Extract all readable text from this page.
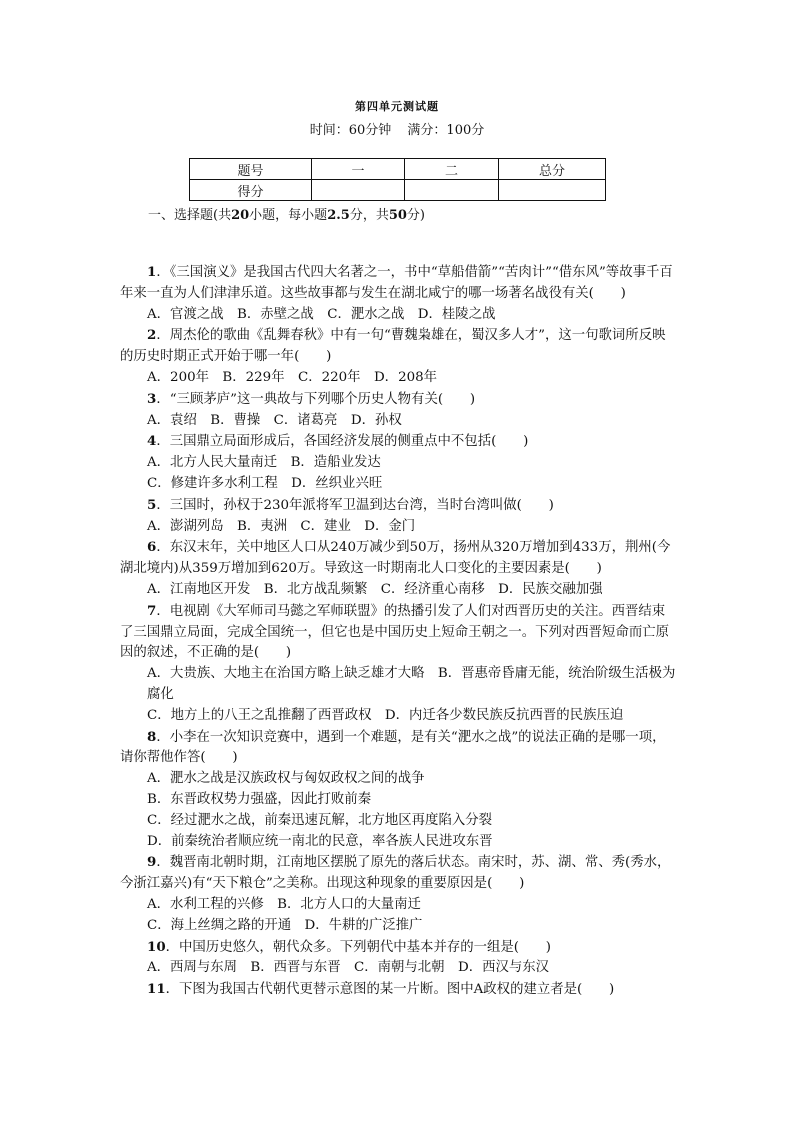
第四单元测试题
时间：60分钟 满分：100分
题号	一	二	总分
得分			
一、选择题(共20小题，每小题2.5分，共50分)

1．《三国演义》是我国古代四大名著之一，书中“草船借箭”“苦肉计”“借东风”等故事千百年来一直为人们津津乐道。这些故事都与发生在湖北咸宁的哪一场著名战役有关(　　)

A．官渡之战　B．赤壁之战　C．淝水之战　D．桂陵之战

2．周杰伦的歌曲《乱舞春秋》中有一句“曹魏枭雄在，蜀汉多人才”，这一句歌词所反映的历史时期正式开始于哪一年(　　)

A．200年　B．229年　C．220年　D．208年

3．“三顾茅庐”这一典故与下列哪个历史人物有关(　　)

A．袁绍　B．曹操　C．诸葛亮　D．孙权

4．三国鼎立局面形成后，各国经济发展的侧重点中不包括(　　)

A．北方人民大量南迁　B．造船业发达

C．修建许多水利工程　D．丝织业兴旺

5．三国时，孙权于230年派将军卫温到达台湾，当时台湾叫做(　　)

A．澎湖列岛　B．夷洲　C．建业　D．金门

6．东汉末年，关中地区人口从240万减少到50万，扬州从320万增加到433万，荆州(今湖北境内)从359万增加到620万。导致这一时期南北人口变化的主要因素是(　　)

A．江南地区开发　B．北方战乱频繁　C．经济重心南移　D．民族交融加强

7．电视剧《大军师司马懿之军师联盟》的热播引发了人们对西晋历史的关注。西晋结束了三国鼎立局面，完成全国统一，但它也是中国历史上短命王朝之一。下列对西晋短命而亡原因的叙述，不正确的是(　　)

A．大贵族、大地主在治国方略上缺乏雄才大略　B．晋惠帝昏庸无能，统治阶级生活极为腐化

C．地方上的八王之乱推翻了西晋政权　D．内迁各少数民族反抗西晋的民族压迫

8．小李在一次知识竞赛中，遇到一个难题，是有关“淝水之战”的说法正确的是哪一项，请你帮他作答(　　)

A．淝水之战是汉族政权与匈奴政权之间的战争

B．东晋政权势力强盛，因此打败前秦

C．经过淝水之战，前秦迅速瓦解，北方地区再度陷入分裂

D．前秦统治者顺应统一南北的民意，率各族人民进攻东晋

9．魏晋南北朝时期，江南地区摆脱了原先的落后状态。南宋时，苏、湖、常、秀(秀水，今浙江嘉兴)有“天下粮仓”之美称。出现这种现象的重要原因是(　　)

A．水利工程的兴修　B．北方人口的大量南迁

C．海上丝绸之路的开通　D．牛耕的广泛推广

10．中国历史悠久，朝代众多。下列朝代中基本并存的一组是(　　)

A．西周与东周　B．西晋与东晋　C．南朝与北朝　D．西汉与东汉

11．下图为我国古代朝代更替示意图的某一片断。图中A政权的建立者是(　　)
